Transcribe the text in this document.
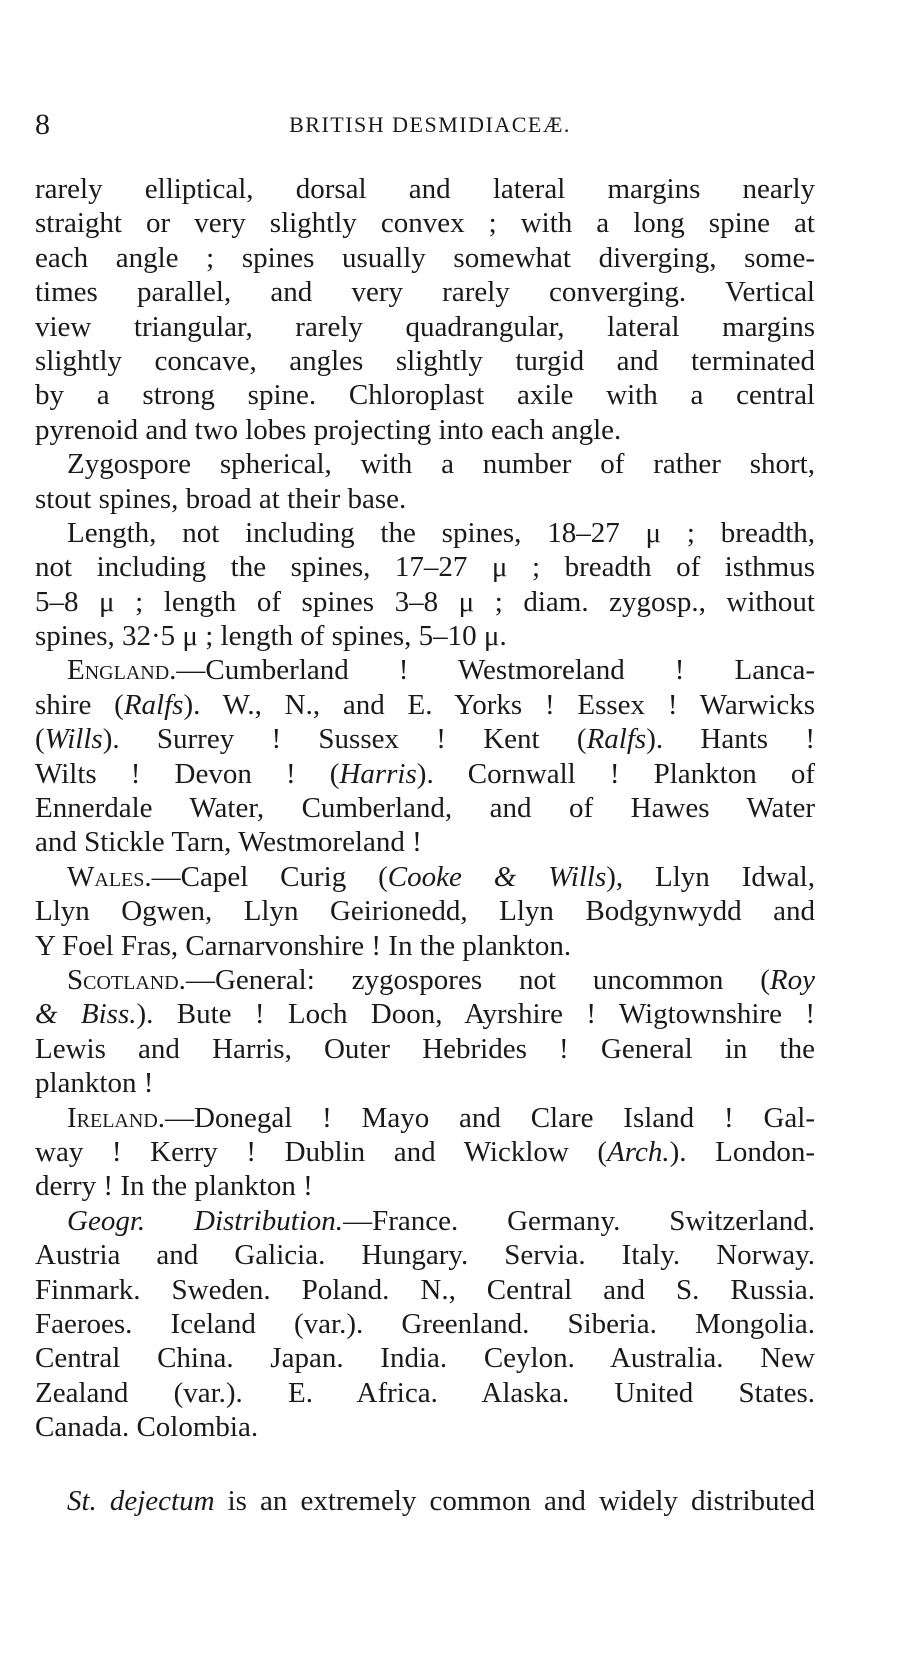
8	BRITISH DESMIDIACEÆ.
rarely elliptical, dorsal and lateral margins nearly
straight or very slightly convex ; with a long spine at
each angle ; spines usually somewhat diverging, some-
times parallel, and very rarely converging. Vertical
view triangular, rarely quadrangular, lateral margins
slightly concave, angles slightly turgid and terminated
by a strong spine. Chloroplast axile with a central
pyrenoid and two lobes projecting into each angle.
Zygospore spherical, with a number of rather short,
stout spines, broad at their base.
Length, not including the spines, 18–27 μ ; breadth,
not including the spines, 17–27 μ ; breadth of isthmus
5–8 μ ; length of spines 3–8 μ ; diam. zygosp., without
spines, 32·5 μ ; length of spines, 5–10 μ.
England.—Cumberland ! Westmoreland ! Lanca-
shire (Ralfs). W., N., and E. Yorks ! Essex ! Warwicks
(Wills). Surrey ! Sussex ! Kent (Ralfs). Hants !
Wilts ! Devon ! (Harris). Cornwall ! Plankton of
Ennerdale Water, Cumberland, and of Hawes Water
and Stickle Tarn, Westmoreland !
Wales.—Capel Curig (Cooke & Wills), Llyn Idwal,
Llyn Ogwen, Llyn Geirionedd, Llyn Bodgynwydd and
Y Foel Fras, Carnarvonshire ! In the plankton.
Scotland.—General: zygospores not uncommon (Roy
& Biss.). Bute ! Loch Doon, Ayrshire ! Wigtownshire !
Lewis and Harris, Outer Hebrides ! General in the
plankton !
Ireland.—Donegal ! Mayo and Clare Island ! Gal-
way ! Kerry ! Dublin and Wicklow (Arch.). London-
derry ! In the plankton !
Geogr. Distribution.—France. Germany. Switzerland.
Austria and Galicia. Hungary. Servia. Italy. Norway.
Finmark. Sweden. Poland. N., Central and S. Russia.
Faeroes. Iceland (var.). Greenland. Siberia. Mongolia.
Central China. Japan. India. Ceylon. Australia. New
Zealand (var.). E. Africa. Alaska. United States.
Canada. Colombia.
St. dejectum is an extremely common and widely distributed
